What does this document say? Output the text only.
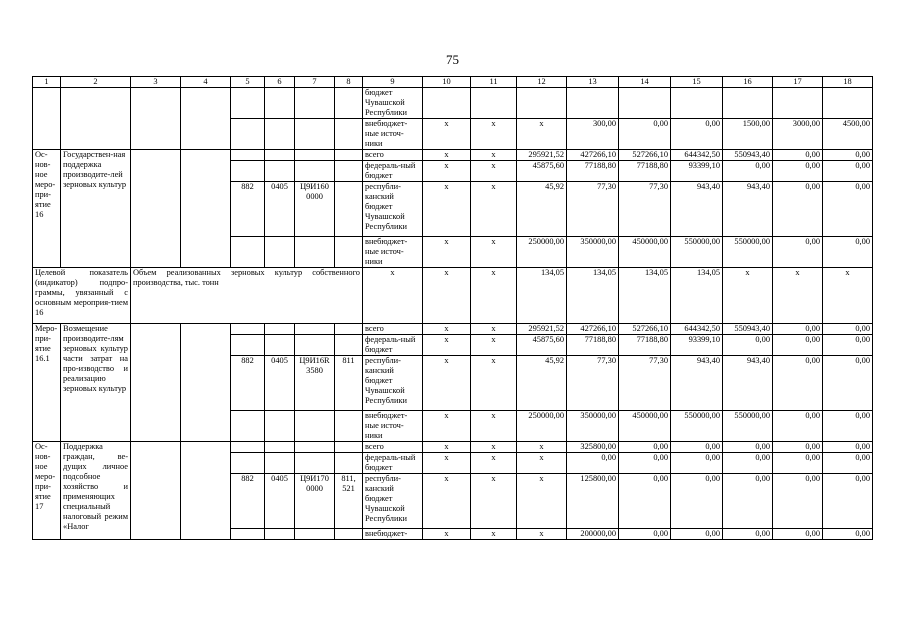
75
1	2	3	4	5	6	7	8	9	10	11	12	13	14	15	16	17	18
								бюджет Чувашской Республики									
								внебюджет-ные источ-ники	x	x	x	300,00	0,00	0,00	1500,00	3000,00	4500,00
Ос-нов-ное меро-при-ятие 16	Государствен-ная поддержка производите-лей зерновых культур							всего	x	x	295921,52	427266,10	527266,10	644342,50	550943,40	0,00	0,00
								федераль-ный бюджет	x	x	45875,60	77188,80	77188,80	93399,10	0,00	0,00	0,00
				882	0405	Ц9И160 0000		республи-канский бюджет Чувашской Республики	x	x	45,92	77,30	77,30	943,40	943,40	0,00	0,00
								внебюджет-ные источ-ники	x	x	250000,00	350000,00	450000,00	550000,00	550000,00	0,00	0,00
Целевой показатель (индикатор) подпро-граммы, увязанный с основным мероприя-тием 16		Объем реализованных зерновых культур собственного производства, тыс. тонн						x	x	x	134,05	134,05	134,05	134,05	x	x	x
Меро-при-ятие 16.1	Возмещение производите-лям зерновых культур части затрат на про-изводство и реализацию зерновых культур							всего	x	x	295921,52	427266,10	527266,10	644342,50	550943,40	0,00	0,00
								федераль-ный бюджет	x	x	45875,60	77188,80	77188,80	93399,10	0,00	0,00	0,00
				882	0405	Ц9И16R 3580	811	республи-канский бюджет Чувашской Республики	x	x	45,92	77,30	77,30	943,40	943,40	0,00	0,00
								внебюджет-ные источ-ники	x	x	250000,00	350000,00	450000,00	550000,00	550000,00	0,00	0,00
Ос-нов-ное меро-при-ятие 17	Поддержка граждан, ве-дущих личное подсобное хозяйство и применяющих специальный налоговый режим «Налог							всего	x	x	x	325800,00	0,00	0,00	0,00	0,00	0,00
								федераль-ный бюджет	x	x	x	0,00	0,00	0,00	0,00	0,00	0,00
				882	0405	Ц9И170 0000	811, 521	республи-канский бюджет Чувашской Республики	x	x	x	125800,00	0,00	0,00	0,00	0,00	0,00
								внебюджет-	x	x	x	200000,00	0,00	0,00	0,00	0,00	0,00
